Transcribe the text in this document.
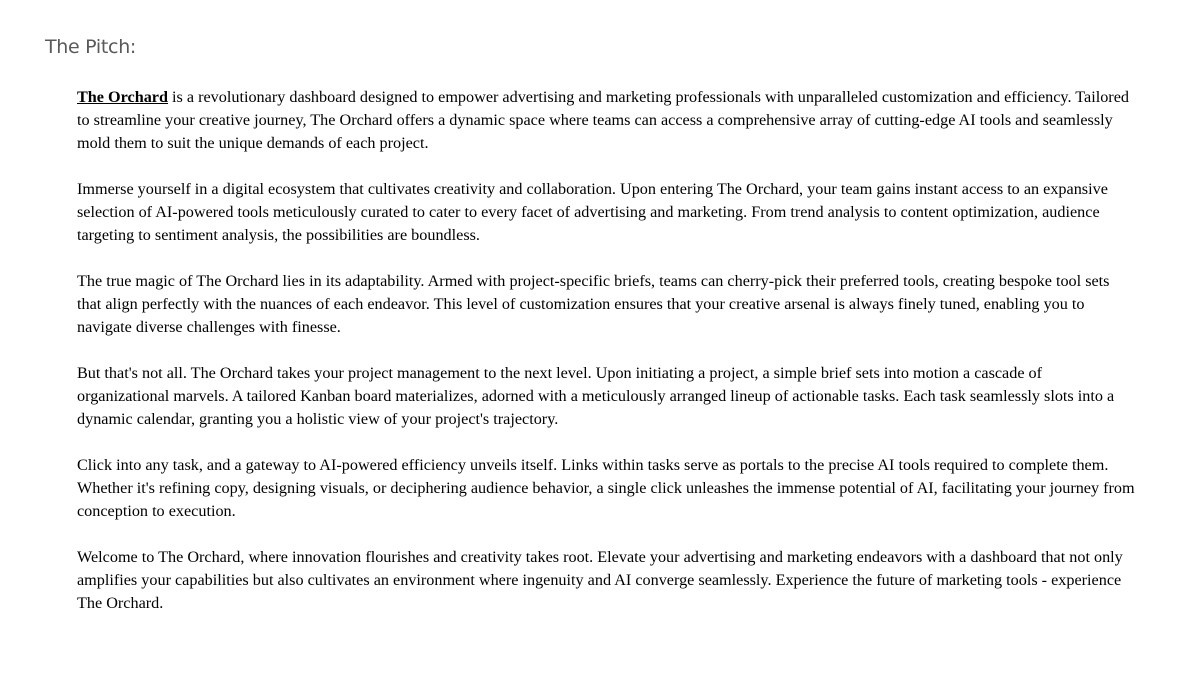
The Pitch:

The Orchard is a revolutionary dashboard designed to empower advertising and marketing professionals with unparalleled customization and efficiency. Tailored to streamline your creative journey, The Orchard offers a dynamic space where teams can access a comprehensive array of cutting-edge AI tools and seamlessly mold them to suit the unique demands of each project.

Immerse yourself in a digital ecosystem that cultivates creativity and collaboration. Upon entering The Orchard, your team gains instant access to an expansive selection of AI-powered tools meticulously curated to cater to every facet of advertising and marketing. From trend analysis to content optimization, audience targeting to sentiment analysis, the possibilities are boundless.

The true magic of The Orchard lies in its adaptability. Armed with project-specific briefs, teams can cherry-pick their preferred tools, creating bespoke tool sets that align perfectly with the nuances of each endeavor. This level of customization ensures that your creative arsenal is always finely tuned, enabling you to navigate diverse challenges with finesse.

But that's not all. The Orchard takes your project management to the next level. Upon initiating a project, a simple brief sets into motion a cascade of organizational marvels. A tailored Kanban board materializes, adorned with a meticulously arranged lineup of actionable tasks. Each task seamlessly slots into a dynamic calendar, granting you a holistic view of your project's trajectory.

Click into any task, and a gateway to AI-powered efficiency unveils itself. Links within tasks serve as portals to the precise AI tools required to complete them. Whether it's refining copy, designing visuals, or deciphering audience behavior, a single click unleashes the immense potential of AI, facilitating your journey from conception to execution.

Welcome to The Orchard, where innovation flourishes and creativity takes root. Elevate your advertising and marketing endeavors with a dashboard that not only amplifies your capabilities but also cultivates an environment where ingenuity and AI converge seamlessly. Experience the future of marketing tools - experience The Orchard.
